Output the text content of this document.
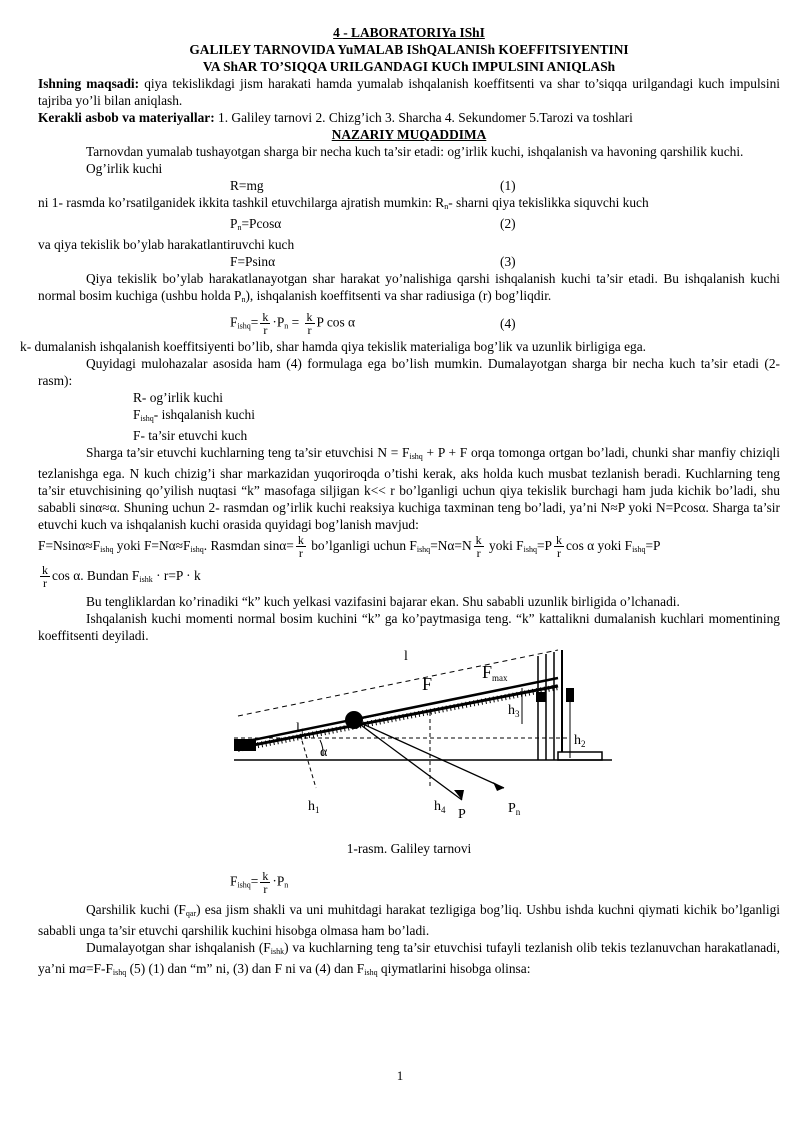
4 - LABORATORIYa IShI
GALILEY TARNOVIDA YuMALAB IShQALANISh KOEFFITSIYENTINI
VA ShAR TO’SIQQA URILGANDAGI KUCh IMPULSINI ANIQLASh

Ishning maqsadi: qiya tekislikdagi jism harakati hamda yumalab ishqalanish koeffitsenti va shar to’siqqa urilgandagi kuch impulsini tajriba yo’li bilan aniqlash.

Kerakli asbob va materiyallar: 1. Galiley tarnovi 2. Chizg’ich 3. Sharcha 4. Sekundomer 5.Tarozi va toshlari

NAZARIY MUQADDIMA

Tarnovdan yumalab tushayotgan sharga bir necha kuch ta’sir etadi: og’irlik kuchi, ishqalanish va havoning qarshilik kuchi.

Og’irlik kuchi

R=mg	(1)

ni 1- rasmda ko’rsatilganidek ikkita tashkil etuvchilarga ajratish mumkin: $R_n-$ sharni qiya tekislikka siquvchi kuch

$P_n=Pcos\alpha$	(2)

va qiya tekislik bo’ylab harakatlantiruvchi kuch

F=Psinα	(3)

Qiya tekislik bo’ylab harakatlanayotgan shar harakat yo’nalishiga qarshi ishqalanish kuchi ta’sir etadi. Bu ishqalanish kuchi normal bosim kuchiga (ushbu holda $P_n$), ishqalanish koeffitsenti va shar radiusiga (r) bog’liqdir.

$F_{ishq}= \frac{k}{r} \cdot P_n = \frac{k}{r}$ P cos α	(4)

k- dumalanish ishqalanish koeffitsiyenti bo’lib, shar hamda qiya tekislik materialiga bog’lik va uzunlik birligiga ega.

Quyidagi mulohazalar asosida ham (4) formulaga ega bo’lish mumkin. Dumalayotgan sharga bir necha kuch ta’sir etadi (2-rasm):

R- og’irlik kuchi
$F_{ishq}-$ ishqalanish kuchi
F- ta’sir etuvchi kuch

Sharga ta’sir etuvchi kuchlarning teng ta’sir etuvchisi $N = F_{ishq} + P + F$ orqa tomonga ortgan bo’ladi, chunki shar manfiy chiziqli tezlanishga ega. N kuch chizig’i shar markazidan yuqoriroqda o’tishi kerak, aks holda kuch musbat tezlanish beradi. Kuchlarning teng ta’sir etuvchisining qo’yilish nuqtasi “k” masofaga siljigan k<< r bo’lganligi uchun qiya tekislik burchagi ham juda kichik bo’ladi, shu sababli sinα≈α. Shuning uchun 2- rasmdan og’irlik kuchi reaksiya kuchiga taxminan teng bo’ladi, ya’ni N≈P yoki N=Pcosα. Sharga ta’sir etuvchi kuch va ishqalanish kuchi orasida quyidagi bog’lanish mavjud:

$F=Nsin\alpha\approx F_{ishq}$ yoki $F=N\alpha\approx F_{ishq}$. Rasmdan $\sin\alpha= \frac{k}{r}$ bo’lganligi uchun $F_{ishq}=N\alpha=N \frac{k}{r}$ yoki $F_{ishq}=P \frac{k}{r}$ cos α yoki $F_{ishq}=P$

$\frac{k}{r}$ cos α. Bundan $F_{ishk} \cdot r=P \cdot k$

Bu tengliklardan ko’rinadiki “k” kuch yelkasi vazifasini bajarar ekan. Shu sababli uzunlik birligida o’lchanadi.

Ishqalanish kuchi momenti normal bosim kuchini “k” ga ko’paytmasiga teng. “k” kattalikni dumalanish kuchlari momentining koeffitsenti deyiladi.

l
F
Fmax
$l_1$
α
$h_1$
$h_2$
$h_3$
$h_4$ P	$P_n$
1-rasm. Galiley tarnovi
$F_{ishq}= \frac{k}{r} \cdot P_n$

Qarshilik kuchi $(F_{qar})$ esa jism shakli va uni muhitdagi harakat tezligiga bog’liq. Ushbu ishda kuchni qiymati kichik bo’lganligi sababli unga ta’sir etuvchi qarshilik kuchini hisobga olmasa ham bo’ladi.

Dumalayotgan shar ishqalanish $(F_{ishk})$ va kuchlarning teng ta’sir etuvchisi tufayli tezlanish olib tekis tezlanuvchan harakatlanadi, ya’ni $ma=F-F_{ishq}$ (5) (1) dan “m” ni, (3) dan F ni va (4) dan $F_{ishq}$ qiymatlarini hisobga olinsa:

1
